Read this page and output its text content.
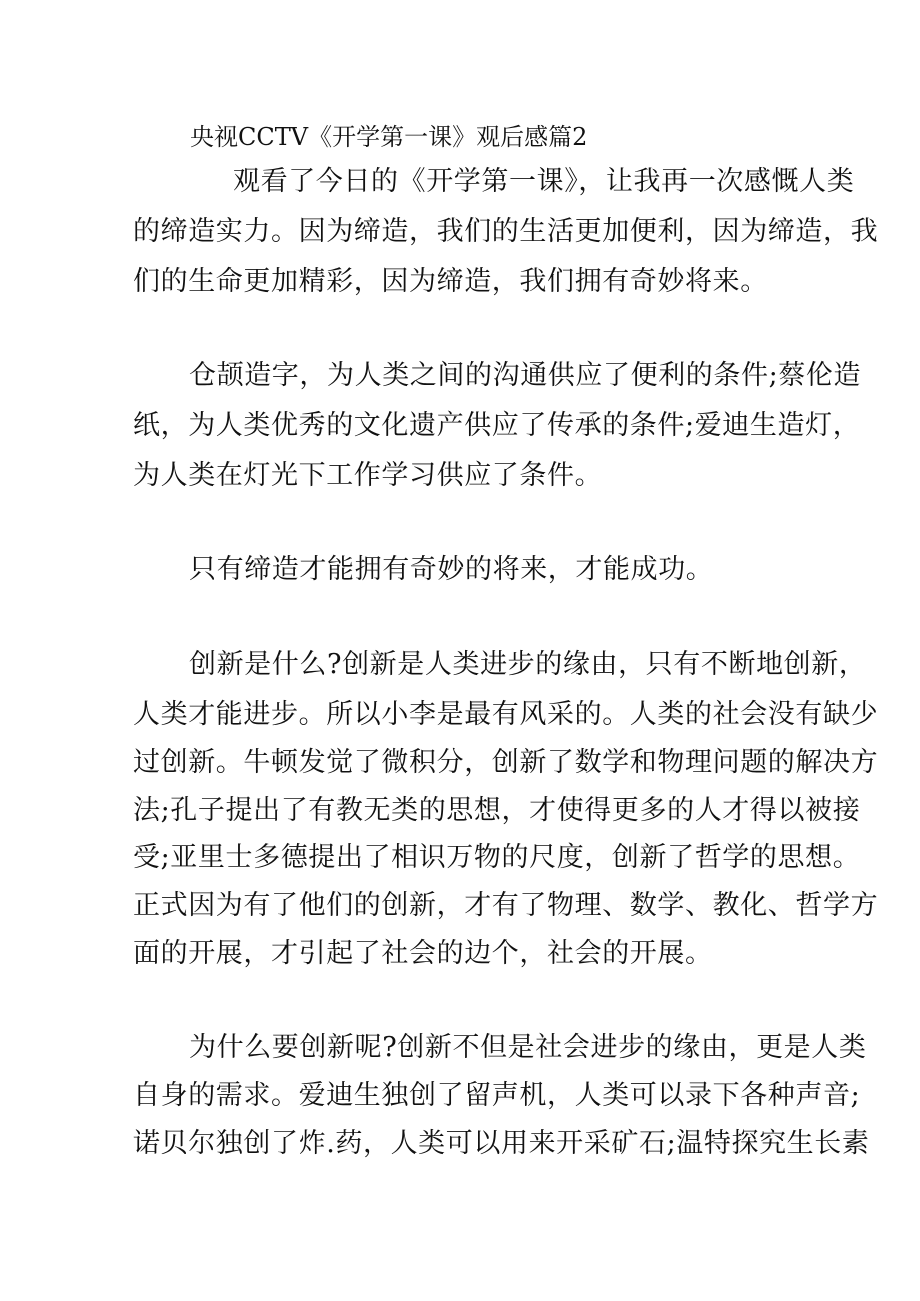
央视CCTV《开学第一课》观后感篇2
观看了今日的《开学第一课》，让我再一次感慨人类
的缔造实力。因为缔造，我们的生活更加便利，因为缔造，我
们的生命更加精彩，因为缔造，我们拥有奇妙将来。
仓颉造字，为人类之间的沟通供应了便利的条件;蔡伦造
纸，为人类优秀的文化遗产供应了传承的条件;爱迪生造灯，
为人类在灯光下工作学习供应了条件。
只有缔造才能拥有奇妙的将来，才能成功。
创新是什么?创新是人类进步的缘由，只有不断地创新，
人类才能进步。所以小李是最有风采的。人类的社会没有缺少
过创新。牛顿发觉了微积分，创新了数学和物理问题的解决方
法;孔子提出了有教无类的思想，才使得更多的人才得以被接
受;亚里士多德提出了相识万物的尺度，创新了哲学的思想。
正式因为有了他们的创新，才有了物理、数学、教化、哲学方
面的开展，才引起了社会的边个，社会的开展。
为什么要创新呢?创新不但是社会进步的缘由，更是人类
自身的需求。爱迪生独创了留声机，人类可以录下各种声音;
诺贝尔独创了炸.药，人类可以用来开采矿石;温特探究生长素
